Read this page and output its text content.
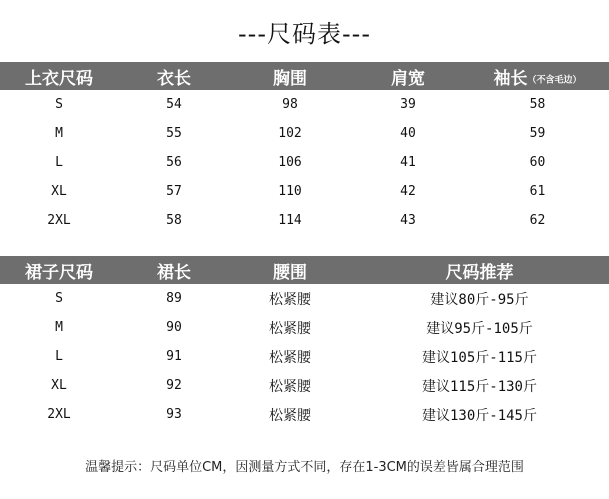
---尺码表---
上衣尺码	衣长	胸围	肩宽	袖长（不含毛边）
S	54	98	39	58
M	55	102	40	59
L	56	106	41	60
XL	57	110	42	61
2XL	58	114	43	62
裙子尺码	裙长	腰围	尺码推荐
S	89	松紧腰	建议80斤-95斤
M	90	松紧腰	建议95斤-105斤
L	91	松紧腰	建议105斤-115斤
XL	92	松紧腰	建议115斤-130斤
2XL	93	松紧腰	建议130斤-145斤
温馨提示：尺码单位CM，因测量方式不同，存在1-3CM的误差皆属合理范围
